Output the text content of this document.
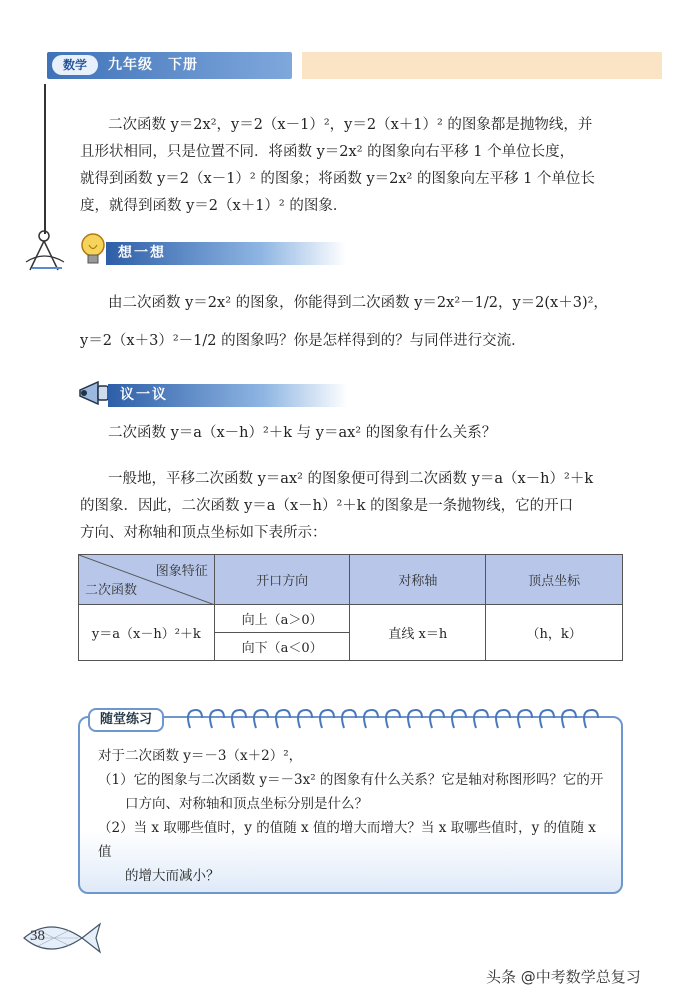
数学	九年级　下册
二次函数 y＝2x²，y＝2（x－1）²，y＝2（x＋1）² 的图象都是抛物线，并
且形状相同，只是位置不同．将函数 y＝2x² 的图象向右平移 1 个单位长度，
就得到函数 y＝2（x－1）² 的图象；将函数 y＝2x² 的图象向左平移 1 个单位长
度，就得到函数 y＝2（x＋1）² 的图象．
想一想
由二次函数 y＝2x² 的图象，你能得到二次函数 y＝2x²－1/2，y＝2(x＋3)²，
y＝2（x＋3）²－1/2 的图象吗？你是怎样得到的？与同伴进行交流．
议一议
二次函数 y＝a（x－h）²＋k 与 y＝ax² 的图象有什么关系？
一般地，平移二次函数 y＝ax² 的图象便可得到二次函数 y＝a（x－h）²＋k
的图象．因此，二次函数 y＝a（x－h）²＋k 的图象是一条抛物线，它的开口
方向、对称轴和顶点坐标如下表所示：
图象特征
二次函数	开口方向	对称轴	顶点坐标
y＝a（x－h）²＋k	向上（a＞0）	直线 x＝h	（h，k）
	向下（a＜0）		
随堂练习
对于二次函数 y＝－3（x＋2）²，
（1）它的图象与二次函数 y＝－3x² 的图象有什么关系？它是轴对称图形吗？它的开
　　口方向、对称轴和顶点坐标分别是什么？
（2）当 x 取哪些值时，y 的值随 x 值的增大而增大？当 x 取哪些值时，y 的值随 x 值
　　的增大而减小？
38
头条 @中考数学总复习
